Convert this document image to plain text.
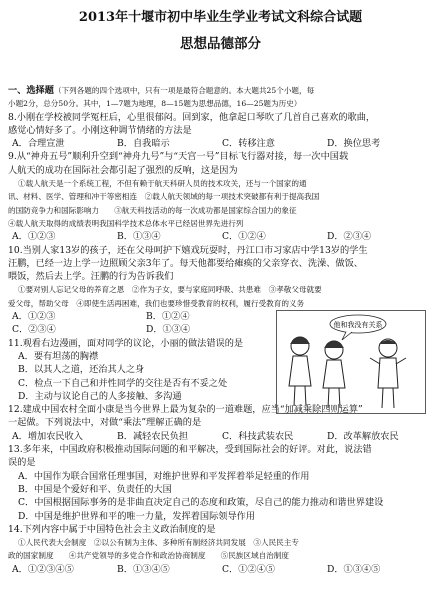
2013年十堰市初中毕业生学业考试文科综合试题
思想品德部分
一、选择题（下列各题的四个选项中，只有一项是最符合题意的。本大题共25个小题，每
小题2分，总分50分。其中，1—7题为地理，8—15题为思想品德，16—25题为历史）
8.小刚在学校被同学冤枉后，心里很郁闷。回到家，他拿起口琴吹了几首自己喜欢的歌曲，
感觉心情好多了。小刚这种调节情绪的方法是
A．合理宣泄	B．自我暗示	C．转移注意	D．换位思考
9.从“神舟五号”顺利升空到“神舟九号”与“天宫一号”目标飞行器对接，每一次中国载
人航天的成功在国际社会都引起了强烈的反响，这是因为
①载人航天是一个系统工程，不但有赖于航天科研人员的技术攻关，还与一个国家的通
讯、材料、医学、管理和冲干等密相连　②载人航天领域的每一项技术突破都有利于提高我国
的国防竞争力和国际影响力　　③航天科技活动的每一次成功都是国家综合国力的象征
④载人航天取得的成绩表明我国科学技术总体水平已经居世界先进行列
A．①②③	B．①③④	C．①②④	D．②③④
10.当别人家13岁的孩子，还在父母呵护下嬉戏玩耍时，丹江口市习家店中学13岁的学生
汪鹏，已经一边上学一边照顾父亲3年了。每天他都要给瘫痪的父亲穿衣、洗澡、做饭、
喂饭，然后去上学。汪鹏的行为告诉我们
①要对别人忘记父母的养育之恩　②作为子女，要与家庭同呼吸、共患难　③孝敬父母就要
爱父母，帮助父母　④即使生活再困难，我们也要珍惜受教育的权利，履行受教育的义务
A．①②③	B．①②④
C．②③④	D．①③④
11.观看右边漫画，面对同学的议论，小丽的做法错误的是
A．要有坦荡的胸襟
B．以其人之道，还治其人之身
C．检点一下自己和并性同学的交往是否有不妥之处
D．主动与议论自己的人多接触、多沟通
他和我没有关系
12.建成中国农村全面小康是当今世界上最为复杂的一道难题，应当“加减乘除四则运算”
一起做。下列说法中，对做“乘法”理解正确的是
A．增加农民收入	B．减轻农民负担	C．科技武装农民	D．改革解放农民
13.多年来，中国政府积极推动国际问题的和平解决，受到国际社会的好评。对此，说法错
误的是
A．中国作为联合国常任理事国，对维护世界和平发挥着举足轻重的作用
B．中国是个爱好和平、负责任的大国
C．中国根据国际事务的是非曲直决定自己的态度和政策，尽自己的能力推动和谐世界建设
D．中国是维护世界和平的唯一力量，发挥着国际领导作用
14.下列内容中属于中国特色社会主义政治制度的是
①人民代表大会制度　②以公有制为主体、多种所有制经济共同发展　③人民民主专
政的国家制度　　④共产党领导的多党合作和政治协商制度　　⑤民族区域自治制度
A．①②③④⑤	B．①③④⑤	C．①②④⑤	D．①③④⑤
